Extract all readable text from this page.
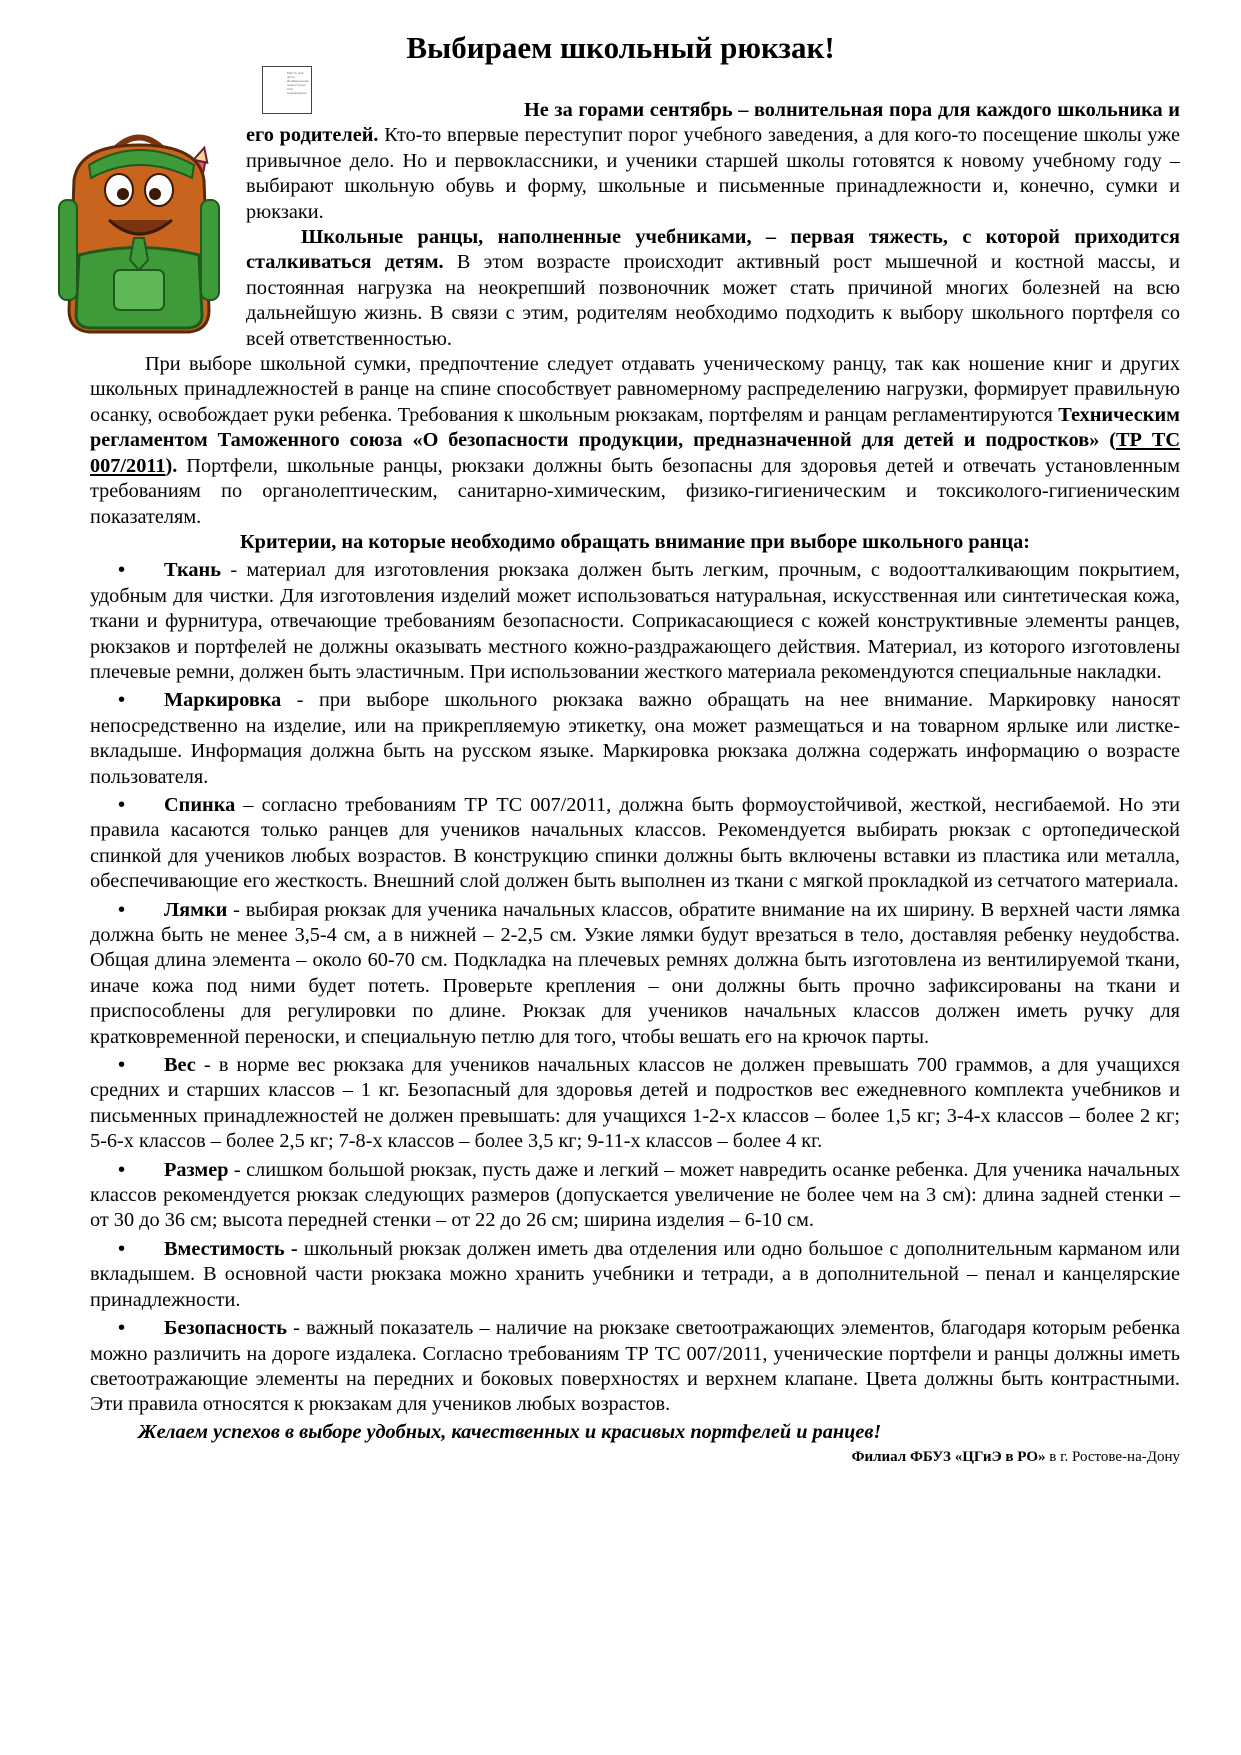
Выбираем школьный рюкзак!
Место для фото. Изображение недоступно или повреждено

Не за горами сентябрь – волнительная пора для каждого школьника и его родителей. Кто-то впервые переступит порог учебного заведения, а для кого-то посещение школы уже привычное дело. Но и первоклассники, и ученики старшей школы готовятся к новому учебному году – выбирают школьную обувь и форму, школьные и письменные принадлежности и, конечно, сумки и рюкзаки.

Школьные ранцы, наполненные учебниками, – первая тяжесть, с которой приходится сталкиваться детям. В этом возрасте происходит активный рост мышечной и костной массы, и постоянная нагрузка на неокрепший позвоночник может стать причиной многих болезней на всю дальнейшую жизнь. В связи с этим, родителям необходимо подходить к выбору школьного портфеля со всей ответственностью.

При выборе школьной сумки, предпочтение следует отдавать ученическому ранцу, так как ношение книг и других школьных принадлежностей в ранце на спине способствует равномерному распределению нагрузки, формирует правильную осанку, освобождает руки ребенка. Требования к школьным рюкзакам, портфелям и ранцам регламентируются Техническим регламентом Таможенного союза «О безопасности продукции, предназначенной для детей и подростков» (ТР ТС 007/2011). Портфели, школьные ранцы, рюкзаки должны быть безопасны для здоровья детей и отвечать установленным требованиям по органолептическим, санитарно-химическим, физико-гигиеническим и токсиколого-гигиеническим показателям.

Критерии, на которые необходимо обращать внимание при выборе школьного ранца:

• Ткань - материал для изготовления рюкзака должен быть легким, прочным, с водоотталкивающим покрытием, удобным для чистки. Для изготовления изделий может использоваться натуральная, искусственная или синтетическая кожа, ткани и фурнитура, отвечающие требованиям безопасности. Соприкасающиеся с кожей конструктивные элементы ранцев, рюкзаков и портфелей не должны оказывать местного кожно-раздражающего действия. Материал, из которого изготовлены плечевые ремни, должен быть эластичным. При использовании жесткого материала рекомендуются специальные накладки.

• Маркировка - при выборе школьного рюкзака важно обращать на нее внимание. Маркировку наносят непосредственно на изделие, или на прикрепляемую этикетку, она может размещаться и на товарном ярлыке или листке-вкладыше. Информация должна быть на русском языке. Маркировка рюкзака должна содержать информацию о возрасте пользователя.

• Спинка – согласно требованиям ТР ТС 007/2011, должна быть формоустойчивой, жесткой, несгибаемой. Но эти правила касаются только ранцев для учеников начальных классов. Рекомендуется выбирать рюкзак с ортопедической спинкой для учеников любых возрастов. В конструкцию спинки должны быть включены вставки из пластика или металла, обеспечивающие его жесткость. Внешний слой должен быть выполнен из ткани с мягкой прокладкой из сетчатого материала.

• Лямки - выбирая рюкзак для ученика начальных классов, обратите внимание на их ширину. В верхней части лямка должна быть не менее 3,5-4 см, а в нижней – 2-2,5 см. Узкие лямки будут врезаться в тело, доставляя ребенку неудобства. Общая длина элемента – около 60-70 см. Подкладка на плечевых ремнях должна быть изготовлена из вентилируемой ткани, иначе кожа под ними будет потеть. Проверьте крепления – они должны быть прочно зафиксированы на ткани и приспособлены для регулировки по длине. Рюкзак для учеников начальных классов должен иметь ручку для кратковременной переноски, и специальную петлю для того, чтобы вешать его на крючок парты.

• Вес - в норме вес рюкзака для учеников начальных классов не должен превышать 700 граммов, а для учащихся средних и старших классов – 1 кг. Безопасный для здоровья детей и подростков вес ежедневного комплекта учебников и письменных принадлежностей не должен превышать: для учащихся 1-2-х классов – более 1,5 кг; 3-4-х классов – более 2 кг; 5-6-х классов – более 2,5 кг; 7-8-х классов – более 3,5 кг; 9-11-х классов – более 4 кг.

• Размер - слишком большой рюкзак, пусть даже и легкий – может навредить осанке ребенка. Для ученика начальных классов рекомендуется рюкзак следующих размеров (допускается увеличение не более чем на 3 см): длина задней стенки – от 30 до 36 см; высота передней стенки – от 22 до 26 см; ширина изделия – 6-10 см.

• Вместимость - школьный рюкзак должен иметь два отделения или одно большое с дополнительным карманом или вкладышем. В основной части рюкзака можно хранить учебники и тетради, а в дополнительной – пенал и канцелярские принадлежности.

• Безопасность - важный показатель – наличие на рюкзаке светоотражающих элементов, благодаря которым ребенка можно различить на дороге издалека. Согласно требованиям ТР ТС 007/2011, ученические портфели и ранцы должны иметь светоотражающие элементы на передних и боковых поверхностях и верхнем клапане. Цвета должны быть контрастными. Эти правила относятся к рюкзакам для учеников любых возрастов.

Желаем успехов в выборе удобных, качественных и красивых портфелей и ранцев!

Филиал ФБУЗ «ЦГиЭ в РО» в г. Ростове-на-Дону
